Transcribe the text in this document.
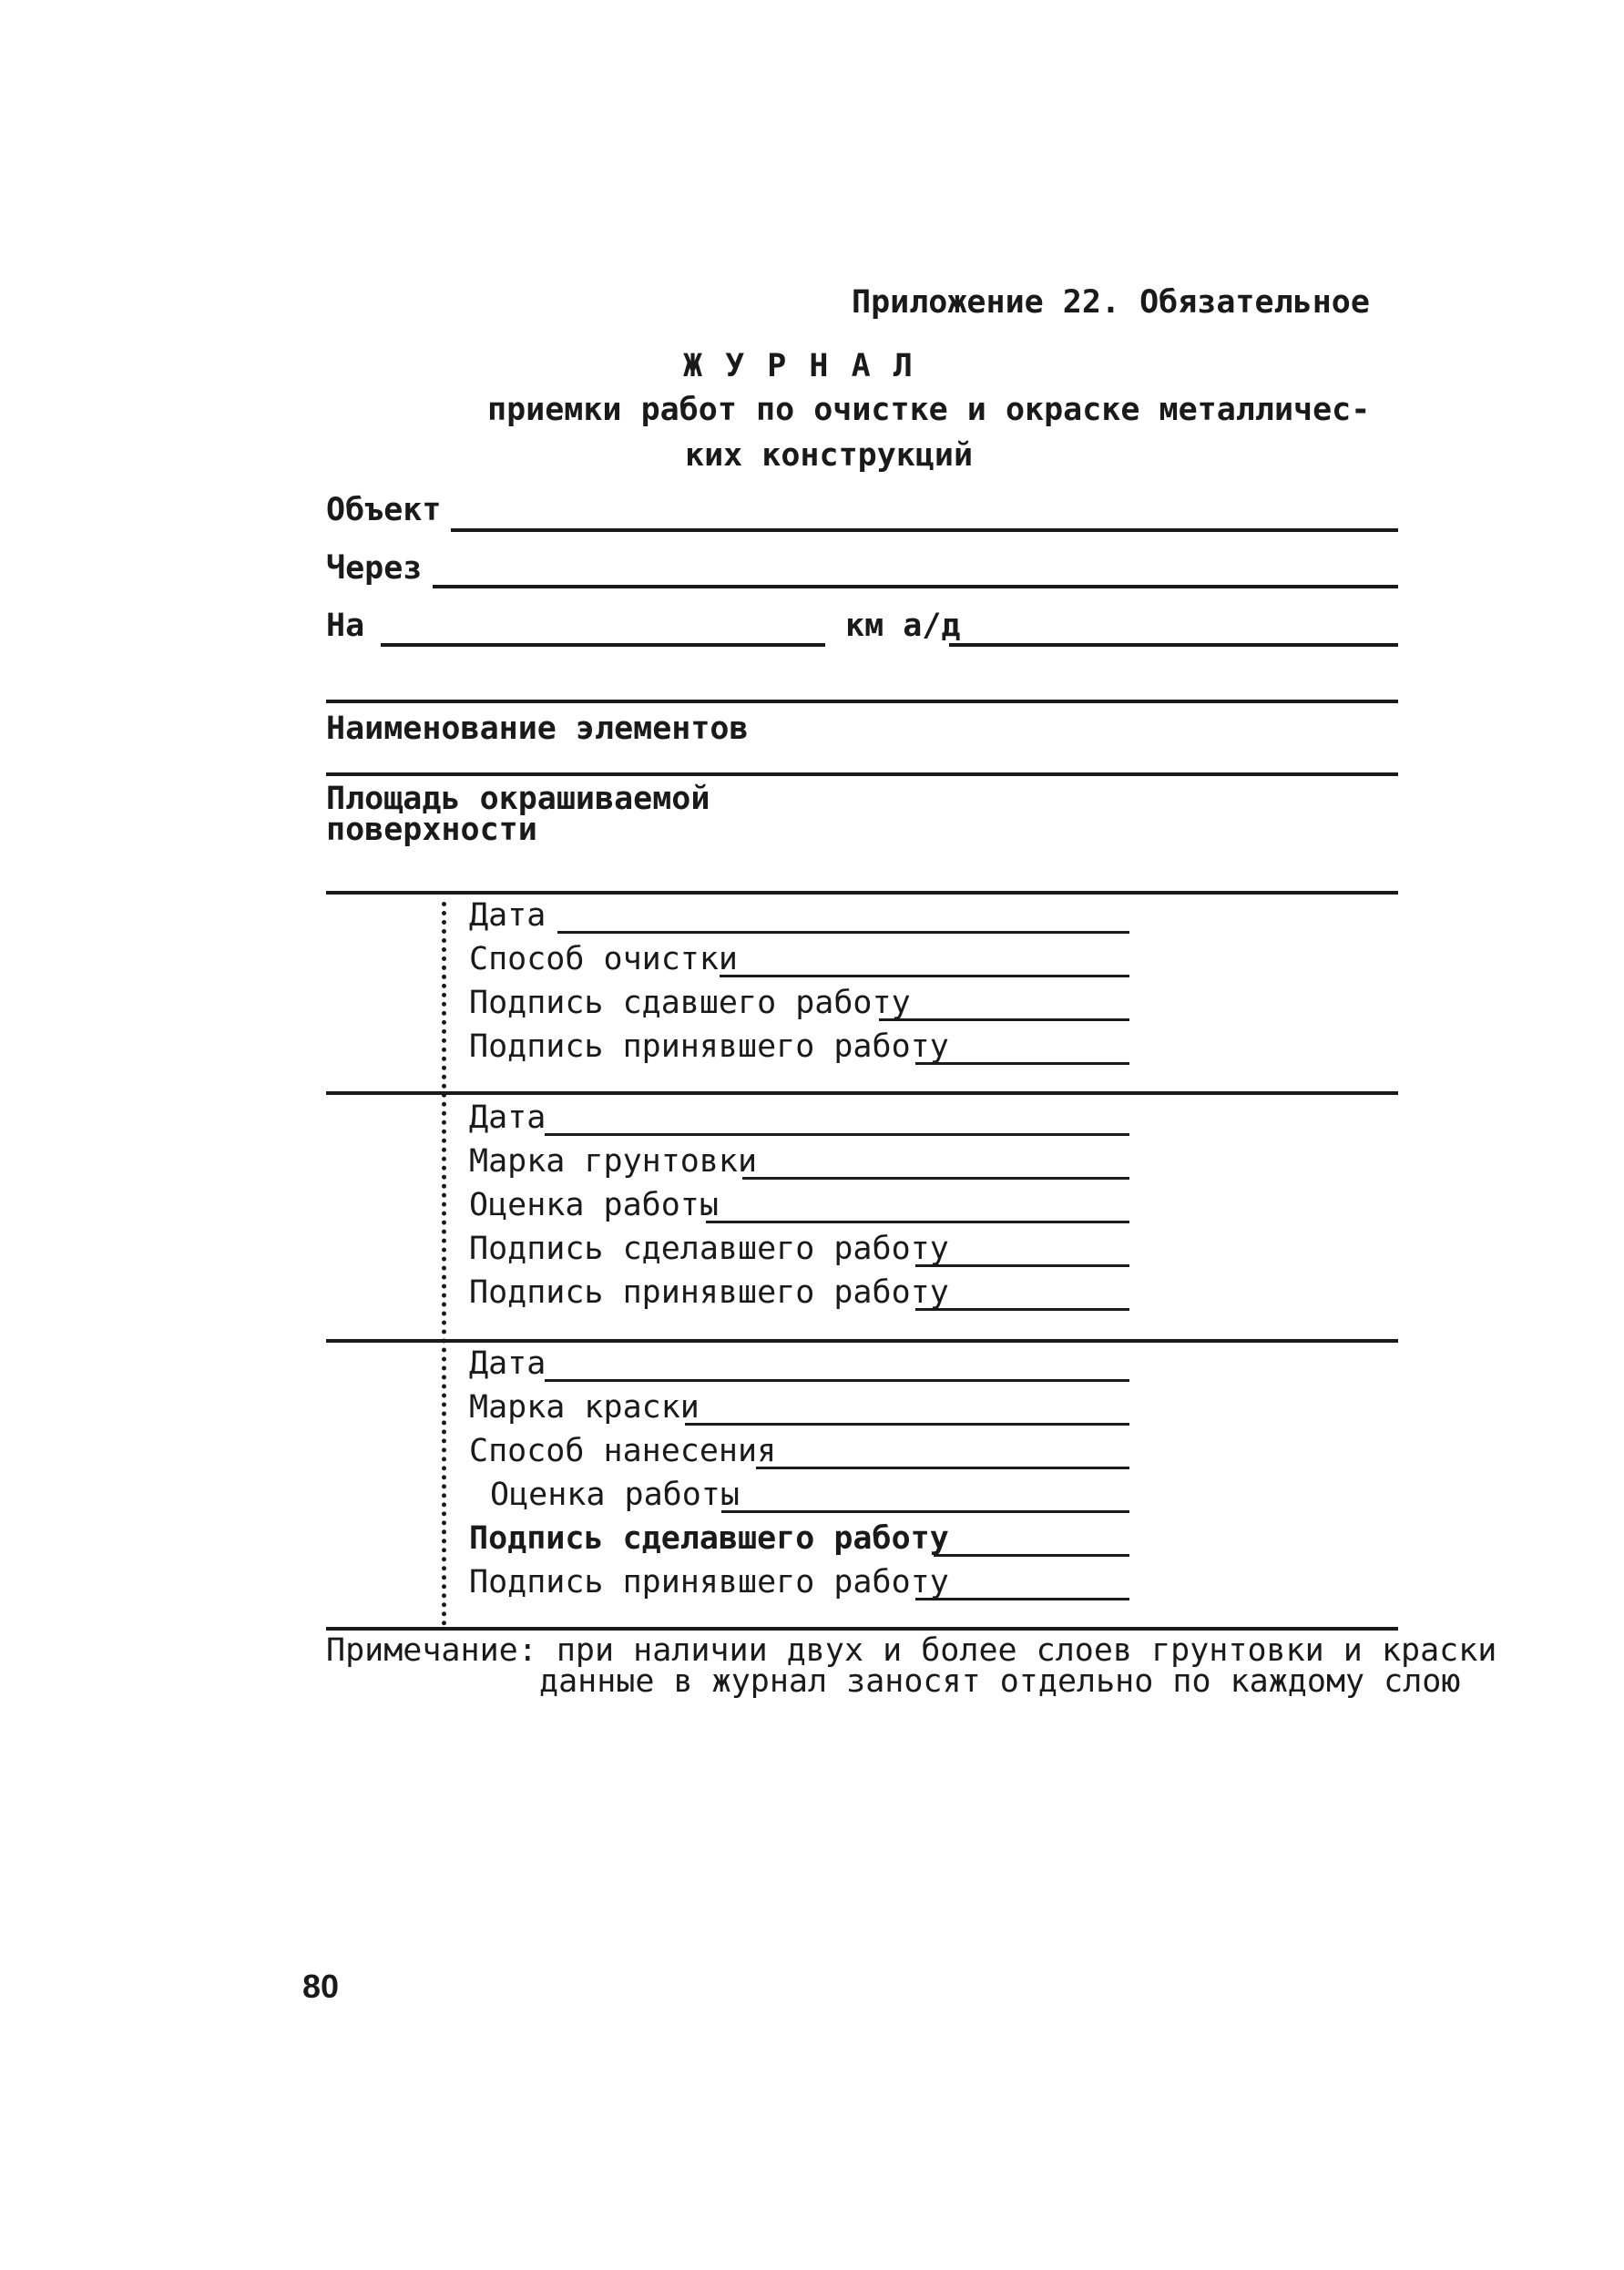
Приложение 22. Обязательное
Ж У Р Н А Л
приемки работ по очистке и окраске металличес-
ких конструкций
Объект
Через
На	км а/д
Наименование элементов
Площадь окрашиваемой
поверхности
Дата
Способ очистки
Подпись сдавшего работу
Подпись принявшего работу
Дата
Марка грунтовки
Оценка работы
Подпись сделавшего работу
Подпись принявшего работу
Дата
Марка краски
Способ нанесения
Оценка работы
Подпись сделавшего работу
Подпись принявшего работу
Примечание: при наличии двух и более слоев грунтовки и краски
данные в журнал заносят отдельно по каждому слою
80
